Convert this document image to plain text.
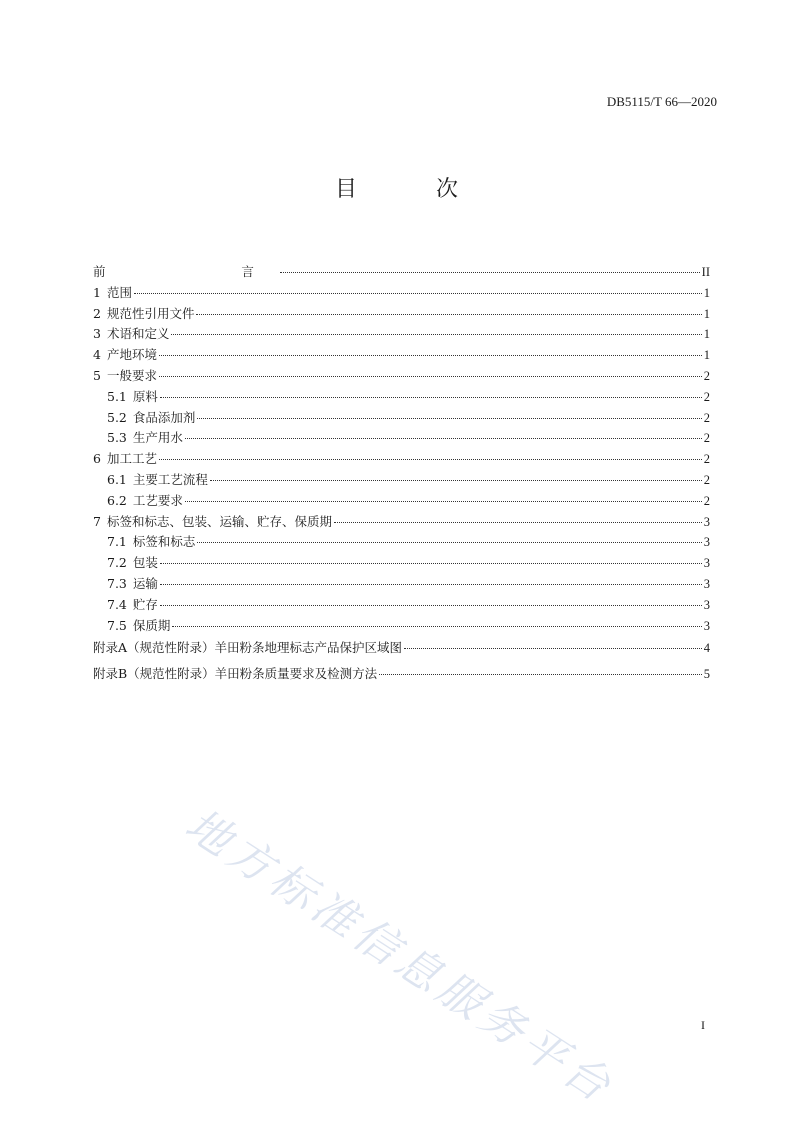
DB5115/T 66—2020
目 次
前    言	II
1 范围	1
2 规范性引用文件	1
3 术语和定义	1
4 产地环境	1
5 一般要求	2
5.1 原料	2
5.2 食品添加剂	2
5.3 生产用水	2
6 加工工艺	2
6.1 主要工艺流程	2
6.2 工艺要求	2
7 标签和标志、包装、运输、贮存、保质期	3
7.1 标签和标志	3
7.2 包装	3
7.3 运输	3
7.4 贮存	3
7.5 保质期	3
附录A（规范性附录）羊田粉条地理标志产品保护区域图	4
附录B（规范性附录）羊田粉条质量要求及检测方法	5
I
地方标准信息服务平台
